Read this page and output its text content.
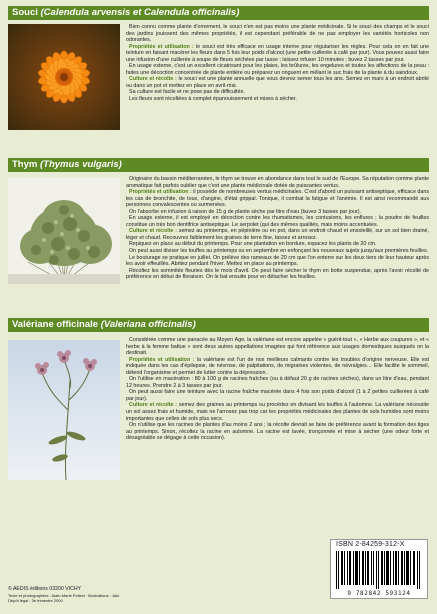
Souci (Calendula arvensis et Calendula officinalis)

Bien connu comme plante d'ornement, le souci n'en est pas moins une plante médicinale. Si le souci des champs et le souci des jardins jouissent des mêmes propriétés, il est cependant préférable de ne pas employer les variétés horticoles non odorantes.

Propriétés et utilisation : le souci est très efficace en usage interne pour régulariser les règles. Pour cela on en fait une teinture en faisant macérer les fleurs dans 5 fois leur poids d'alcool (une petite cuillerée à café par jour). Vous pouvez aussi faire une infusion d'une cuillerée à soupe de fleurs séchées par tasse ; laissez infuser 10 minutes ; buvez 2 tasses par jour.

En usage externe, c'est un excellent cicatrisant pour les plaies, les brûlures, les engelures et toutes les affections de la peau : faites une décoction concentrée de plante entière ou préparez un onguent en mêlant le suc frais de la plante à du saindoux.

Culture et récolte : le souci est une plante annuelle que vous devrez semer tous les ans. Semez en mars à un endroit abrité ou dans un pot et mettez en place en avril-mai.

Sa culture est facile et ne pose pas de difficultés.

Les fleurs sont récoltées à complet épanouissement et mises à sécher.

Thym (Thymus vulgaris)

Originaire du bassin méditerranéen, le thym se trouve en abondance dans tout le sud de l'Europe. Sa réputation comme plante aromatique fait parfois oublier que c'est une plante médicinale dotée de puissantes vertus.

Propriétés et utilisation : il possède de nombreuses vertus médicinales. C'est d'abord un puissant antiseptique, efficace dans les cas de bronchite, de toux, d'angine, d'état grippal. Tonique, il combat la fatigue et l'anémie. Il est ainsi recommandé aux personnes convalescentes ou surmenées.

On l'absorbe en infusion à raison de 15 g de plante sèche par litre d'eau (buvez 3 tasses par jour).

En usage externe, il est employé en décoction contre les rhumatismes, les contusions, les enflures ; la poudre de feuilles constitue un très bon dentifrice antiseptique. Le serpolet (qui des mêmes qualités, mais moins accentuées.

Culture et récolte : semez au printemps, en pépinière ou en pot, dans un endroit chaud et ensoleillé, sur un sol bien drainé, léger et chaud. Recouvrez faiblement les graines de terre fine, tassez et arrosez.

Repiquez en place au début du printemps. Pour une plantation en bordure, espacez les plants de 20 cm.

On peut aussi diviser les touffes au printemps ou en septembre en enfonçant les nouveaux sujets jusqu'aux premières feuilles.

Le bouturage se pratique en juillet. On prélève des rameaux de 20 cm que l'on enterre sur les deux tiers de leur hauteur après les avoir effeuillés. Abritez pendant l'hiver. Mettez en place au printemps.

Récoltez les sommités fleuries dès le mois d'avril. On peut faire sécher le thym en botte suspendue, après l'avoir récolté de préférence en début de floraison. On le bat ensuite pour en détacher les feuilles.

Valériane officinale (Valeriana officinalis)

Considérée comme une panacée au Moyen Âge, la valériane est encore appelée « guérit-tout », « Herbe aux coupures », et « herbe à la femme battue » sont deux autres appellations imagées qui font référence aux usages domestiques auxquels on la destinait.

Propriétés et utilisation : la valériane est l'un de nos meilleurs calmants contre les troubles d'origine nerveuse. Elle est indiquée dans les cas d'épilepsie, de névrose, de palpitations, de migraines violentes, de névralgies… Elle facilite le sommeil, détend l'organisme et permet de lutter contre la dépression.

On l'utilise en macération : 80 à 100 g de racines fraîches (ou à défaut 20 g de racines sèches), dans un litre d'eau, pendant 12 heures. Prendre 2 à 3 tasses par jour.

On peut aussi faire une teinture avec la racine fraîche macérée dans 4 fois son poids d'alcool (1 à 2 petites cuillerées à café par jour).

Culture et récolte : semez des graines au printemps ou procédez en divisant les touffes à l'automne. La valériane nécessite un sol assez frais et humide, mais ne l'arrosez pas trop car les propriétés médicinales des plantes de sols humides sont moins importantes que celles de sols plus secs.

On n'utilise que les racines de plantes d'au moins 2 ans ; la récolte devrait se faire de préférence avant la formation des tiges au printemps. Sinon, récoltez la racine en automne. La racine est lavée, tronçonnée et mise à sécher (une odeur forte et désagréable se dégage à cette occasion).

ISBN 2-84259-312-X
9 782842 593124
© AEDIS éditions 03200 VICHY
Texte et photographies : Alain-Marie Pollesi · Illustrations : Jalo
Dépôt légal : 3e trimestre 2000
